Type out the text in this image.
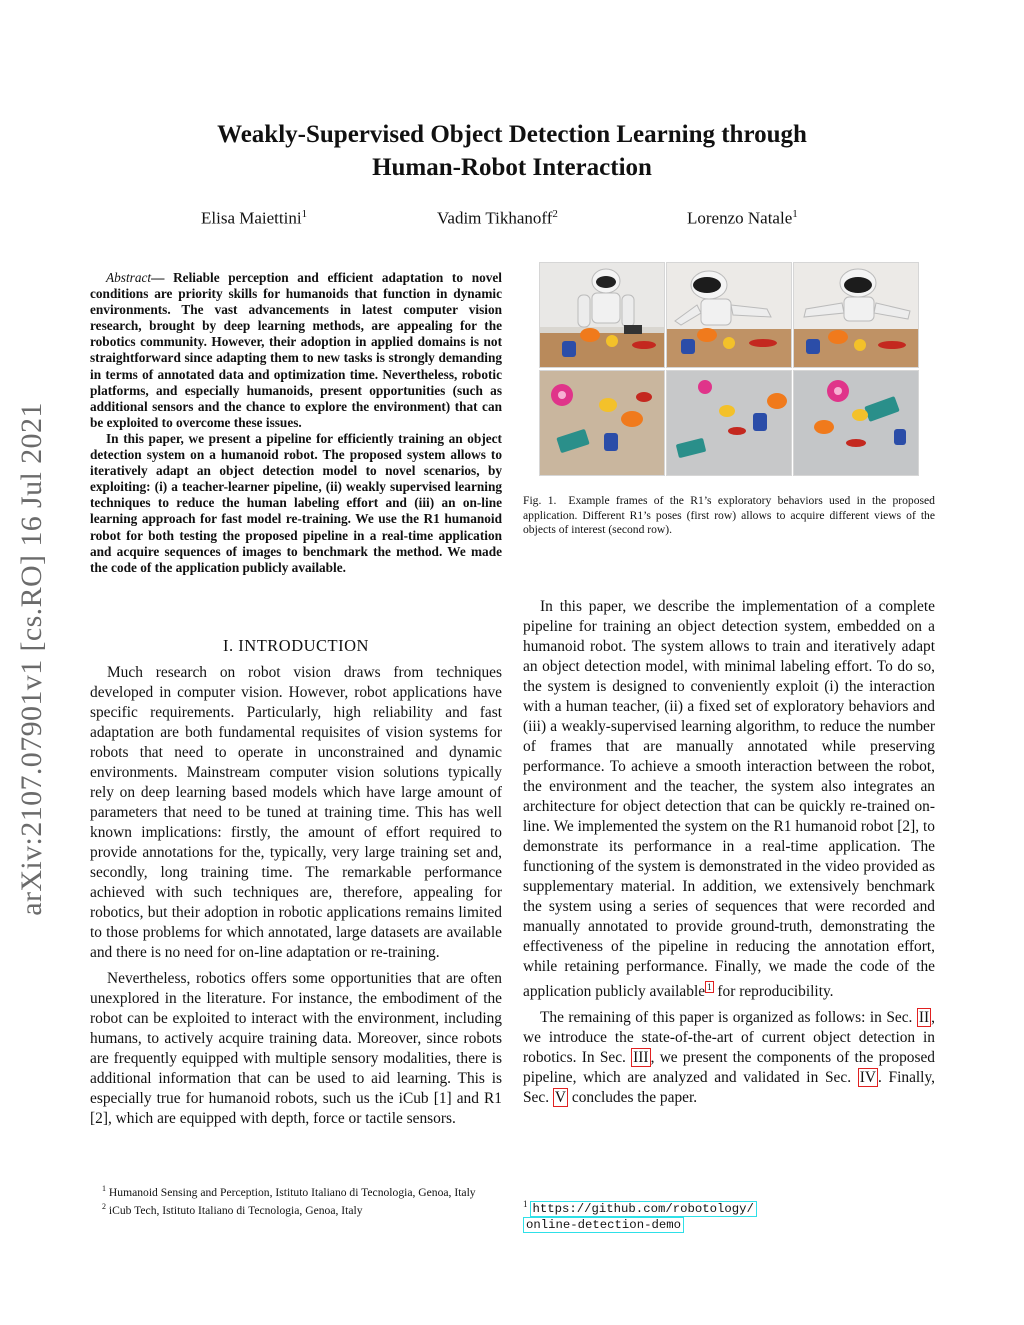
arXiv:2107.07901v1 [cs.RO] 16 Jul 2021
Weakly-Supervised Object Detection Learning through
Human-Robot Interaction
Elisa Maiettini$^1$	Vadim Tikhanoff$^2$	Lorenzo Natale$^1$

Abstract— Reliable perception and efficient adaptation to novel conditions are priority skills for humanoids that function in dynamic environments. The vast advancements in latest computer vision research, brought by deep learning methods, are appealing for the robotics community. However, their adoption in applied domains is not straightforward since adapting them to new tasks is strongly demanding in terms of annotated data and optimization time. Nevertheless, robotic platforms, and especially humanoids, present opportunities (such as additional sensors and the chance to explore the environment) that can be exploited to overcome these issues.

In this paper, we present a pipeline for efficiently training an object detection system on a humanoid robot. The proposed system allows to iteratively adapt an object detection model to novel scenarios, by exploiting: (i) a teacher-learner pipeline, (ii) weakly supervised learning techniques to reduce the human labeling effort and (iii) an on-line learning approach for fast model re-training. We use the R1 humanoid robot for both testing the proposed pipeline in a real-time application and acquire sequences of images to benchmark the method. We made the code of the application publicly available.

I. INTRODUCTION

Much research on robot vision draws from techniques developed in computer vision. However, robot applications have specific requirements. Particularly, high reliability and fast adaptation are both fundamental requisites of vision systems for robots that need to operate in unconstrained and dynamic environments. Mainstream computer vision solutions typically rely on deep learning based models which have large amount of parameters that need to be tuned at training time. This has well known implications: firstly, the amount of effort required to provide annotations for the, typically, very large training set and, secondly, long training time. The remarkable performance achieved with such techniques are, therefore, appealing for robotics, but their adoption in robotic applications remains limited to those problems for which annotated, large datasets are available and there is no need for on-line adaptation or re-training.

Nevertheless, robotics offers some opportunities that are often unexplored in the literature. For instance, the embodiment of the robot can be exploited to interact with the environment, including humans, to actively acquire training data. Moreover, since robots are frequently equipped with multiple sensory modalities, there is additional information that can be used to aid learning. This is especially true for humanoid robots, such us the iCub [1] and R1 [2], which are equipped with depth, force or tactile sensors.

$^1$ Humanoid Sensing and Perception, Istituto Italiano di Tecnologia, Genoa, Italy

$^2$ iCub Tech, Istituto Italiano di Tecnologia, Genoa, Italy

Fig. 1. Example frames of the R1’s exploratory behaviors used in the proposed application. Different R1’s poses (first row) allows to acquire different views of the objects of interest (second row).

In this paper, we describe the implementation of a complete pipeline for training an object detection system, embedded on a humanoid robot. The system allows to train and iteratively adapt an object detection model, with minimal labeling effort. To do so, the system is designed to conveniently exploit (i) the interaction with a human teacher, (ii) a fixed set of exploratory behaviors and (iii) a weakly-supervised learning algorithm, to reduce the number of frames that are manually annotated while preserving performance. To achieve a smooth interaction between the robot, the environment and the teacher, the system also integrates an architecture for object detection that can be quickly re-trained on-line. We implemented the system on the R1 humanoid robot [2], to demonstrate its performance in a real-time application. The functioning of the system is demonstrated in the video provided as supplementary material. In addition, we extensively benchmark the system using a series of sequences that were recorded and manually annotated to provide ground-truth, demonstrating the effectiveness of the pipeline in reducing the annotation effort, while retaining performance. Finally, we made the code of the application publicly available $^1$ for reproducibility.

The remaining of this paper is organized as follows: in Sec. II , we introduce the state-of-the-art of current object detection in robotics. In Sec. III , we present the components of the proposed pipeline, which are analyzed and validated in Sec. IV . Finally, Sec. V concludes the paper.

$^1$ https://github.com/robotology/
online-detection-demo
